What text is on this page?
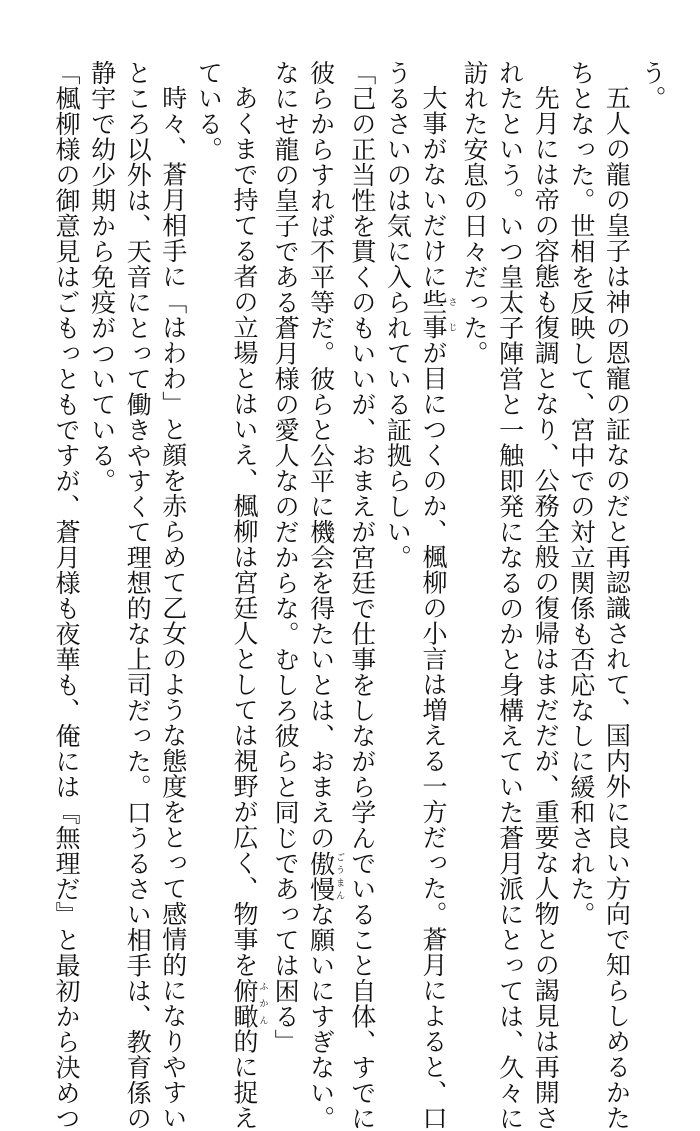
う。
五人の龍の皇子は神の恩寵の証なのだと再認識されて、国内外に良い方向で知らしめるかた
ちとなった。世相を反映して、宮中での対立関係も否応なしに緩和された。
先月には帝の容態も復調となり、公務全般の復帰はまだだが、重要な人物との謁見は再開さ
れたという。いつ皇太子陣営と一触即発になるのかと身構えていた蒼月派にとっては、久々に
訪れた安息の日々だった。
大事がないだけに些事さじが目につくのか、楓柳の小言は増える一方だった。蒼月によると、口
うるさいのは気に入られている証拠らしい。
「己の正当性を貫くのもいいが、おまえが宮廷で仕事をしながら学んでいること自体、すでに
彼らからすれば不平等だ。彼らと公平に機会を得たいとは、おまえの傲慢ごうまんな願いにすぎない。
なにせ龍の皇子である蒼月様の愛人なのだからな。むしろ彼らと同じであっては困る」
あくまで持てる者の立場とはいえ、楓柳は宮廷人としては視野が広く、物事を俯瞰ふかん的に捉え
ている。
時々、蒼月相手に「はわわ」と顔を赤らめて乙女のような態度をとって感情的になりやすい
ところ以外は、天音にとって働きやすくて理想的な上司だった。口うるさい相手は、教育係の
静宇で幼少期から免疫がついている。
「楓柳様の御意見はごもっともですが、蒼月様も夜華も、俺には『無理だ』と最初から決めつ
